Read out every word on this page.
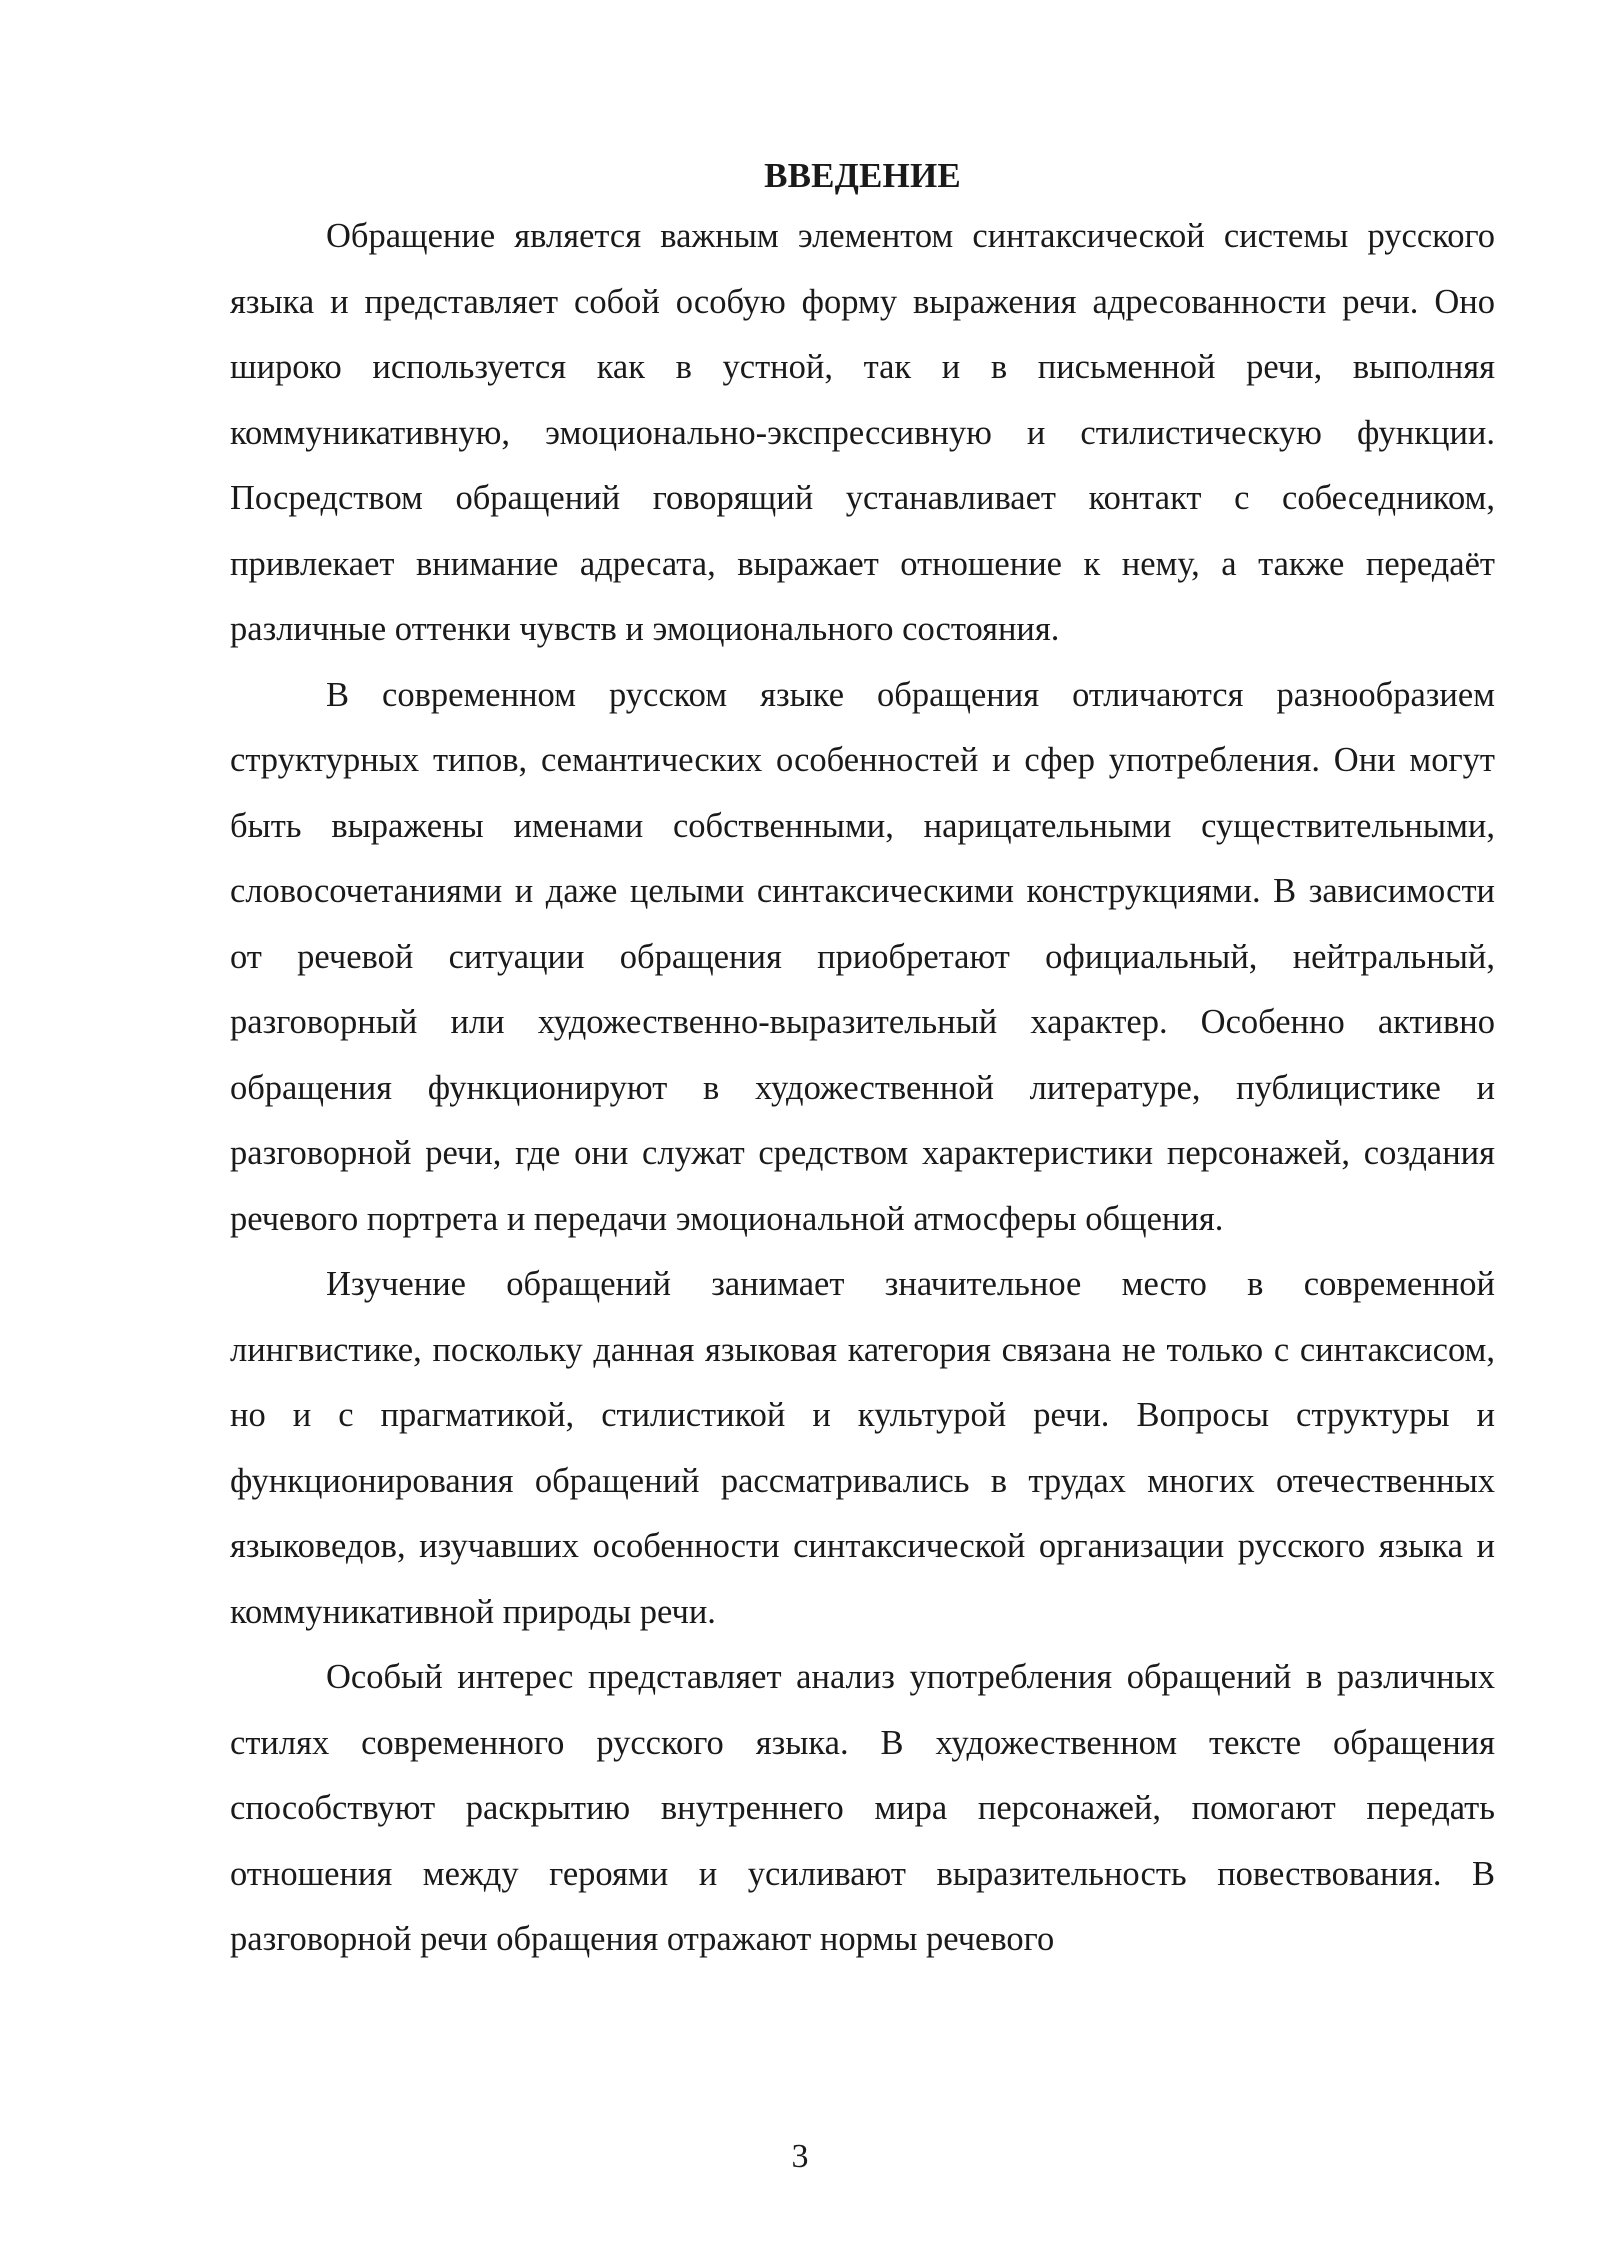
ВВЕДЕНИЕ

Обращение является важным элементом синтаксической системы русского языка и представляет собой особую форму выражения адресованности речи. Оно широко используется как в устной, так и в письменной речи, выполняя коммуникативную, эмоционально-экспрессивную и стилистическую функции. Посредством обращений говорящий устанавливает контакт с собеседником, привлекает внимание адресата, выражает отношение к нему, а также передаёт различные оттенки чувств и эмоционального состояния.

В современном русском языке обращения отличаются разнообразием структурных типов, семантических особенностей и сфер употребления. Они могут быть выражены именами собственными, нарицательными существительными, словосочетаниями и даже целыми синтаксическими конструкциями. В зависимости от речевой ситуации обращения приобретают официальный, нейтральный, разговорный или художественно-выразительный характер. Особенно активно обращения функционируют в художественной литературе, публицистике и разговорной речи, где они служат средством характеристики персонажей, создания речевого портрета и передачи эмоциональной атмосферы общения.

Изучение обращений занимает значительное место в современной лингвистике, поскольку данная языковая категория связана не только с синтаксисом, но и с прагматикой, стилистикой и культурой речи. Вопросы структуры и функционирования обращений рассматривались в трудах многих отечественных языковедов, изучавших особенности синтаксической организации русского языка и коммуникативной природы речи.

Особый интерес представляет анализ употребления обращений в различных стилях современного русского языка. В художественном тексте обращения способствуют раскрытию внутреннего мира персонажей, помогают передать отношения между героями и усиливают выразительность повествования. В разговорной речи обращения отражают нормы речевого

3
